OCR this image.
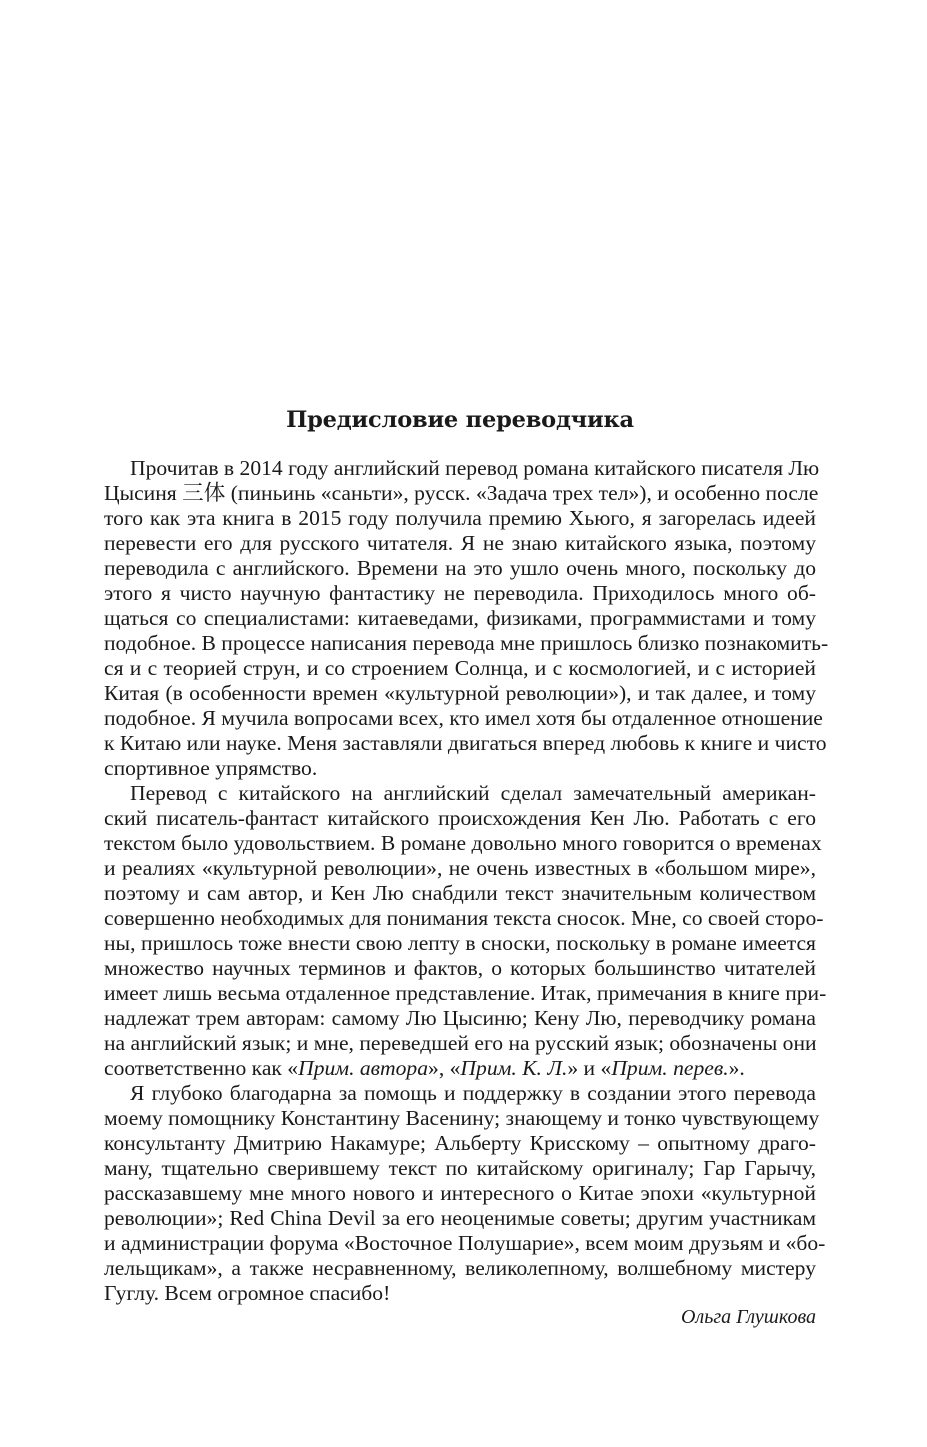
Предисловие переводчика
Прочитав в 2014 году английский перевод романа китайского писателя Лю
Цысиня 三体 (пиньинь «саньти», русск. «Задача трех тел»), и особенно после
того как эта книга в 2015 году получила премию Хьюго, я загорелась идеей
перевести его для русского читателя. Я не знаю китайского языка, поэтому
переводила с английского. Времени на это ушло очень много, поскольку до
этого я чисто научную фантастику не переводила. Приходилось много об-
щаться со специалистами: китаеведами, физиками, программистами и тому
подобное. В процессе написания перевода мне пришлось близко познакомить-
ся и с теорией струн, и со строением Солнца, и с космологией, и с историей
Китая (в особенности времен «культурной революции»), и так далее, и тому
подобное. Я мучила вопросами всех, кто имел хотя бы отдаленное отношение
к Китаю или науке. Меня заставляли двигаться вперед любовь к книге и чисто
спортивное упрямство.
Перевод с китайского на английский сделал замечательный американ-
ский писатель-фантаст китайского происхождения Кен Лю. Работать с его
текстом было удовольствием. В романе довольно много говорится о временах
и реалиях «культурной революции», не очень известных в «большом мире»,
поэтому и сам автор, и Кен Лю снабдили текст значительным количеством
совершенно необходимых для понимания текста сносок. Мне, со своей сторо-
ны, пришлось тоже внести свою лепту в сноски, поскольку в романе имеется
множество научных терминов и фактов, о которых большинство читателей
имеет лишь весьма отдаленное представление. Итак, примечания в книге при-
надлежат трем авторам: самому Лю Цысиню; Кену Лю, переводчику романа
на английский язык; и мне, переведшей его на русский язык; обозначены они
соответственно как «Прим. автора», «Прим. К. Л.» и «Прим. перев.».
Я глубоко благодарна за помощь и поддержку в создании этого перевода
моему помощнику Константину Васенину; знающему и тонко чувствующему
консультанту Дмитрию Накамуре; Альберту Крисскому – опытному драго-
ману, тщательно сверившему текст по китайскому оригиналу; Гар Гарычу,
рассказавшему мне много нового и интересного о Китае эпохи «культурной
революции»; Red China Devil за его неоценимые советы; другим участникам
и администрации форума «Восточное Полушарие», всем моим друзьям и «бо-
лельщикам», а также несравненному, великолепному, волшебному мистеру
Гуглу. Всем огромное спасибо!
Ольга Глушкова
